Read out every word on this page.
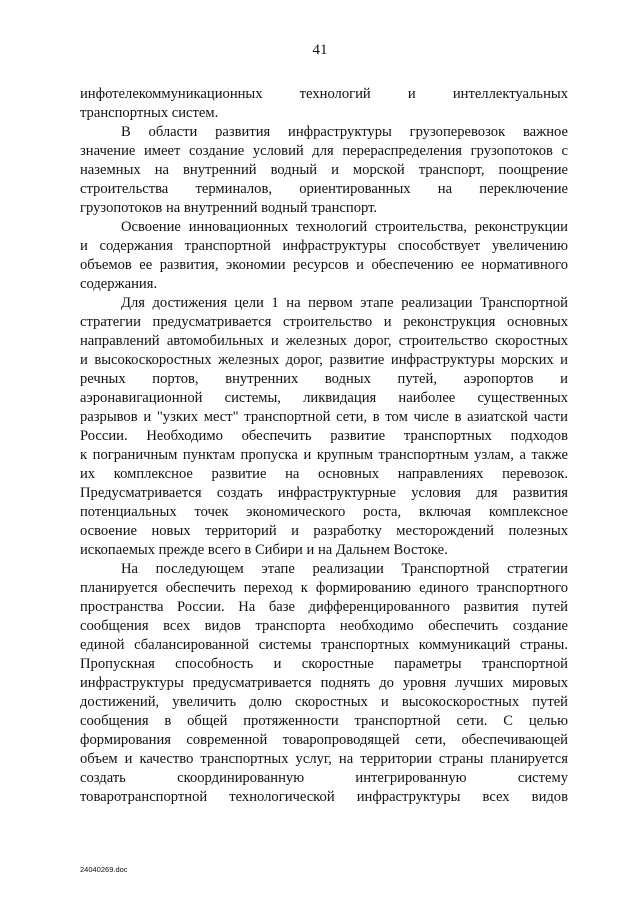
41
инфотелекоммуникационных технологий и интеллектуальных
транспортных систем.
В области развития инфраструктуры грузоперевозок важное
значение имеет создание условий для перераспределения грузопотоков с
наземных на внутренний водный и морской транспорт, поощрение
строительства терминалов, ориентированных на переключение
грузопотоков на внутренний водный транспорт.
Освоение инновационных технологий строительства, реконструкции
и содержания транспортной инфраструктуры способствует увеличению
объемов ее развития, экономии ресурсов и обеспечению ее нормативного
содержания.
Для достижения цели 1 на первом этапе реализации Транспортной
стратегии предусматривается строительство и реконструкция основных
направлений автомобильных и железных дорог, строительство скоростных
и высокоскоростных железных дорог, развитие инфраструктуры морских и
речных портов, внутренних водных путей, аэропортов и
аэронавигационной системы, ликвидация наиболее существенных
разрывов и "узких мест" транспортной сети, в том числе в азиатской части
России. Необходимо обеспечить развитие транспортных подходов
к пограничным пунктам пропуска и крупным транспортным узлам, а также
их комплексное развитие на основных направлениях перевозок.
Предусматривается создать инфраструктурные условия для развития
потенциальных точек экономического роста, включая комплексное
освоение новых территорий и разработку месторождений полезных
ископаемых прежде всего в Сибири и на Дальнем Востоке.
На последующем этапе реализации Транспортной стратегии
планируется обеспечить переход к формированию единого транспортного
пространства России. На базе дифференцированного развития путей
сообщения всех видов транспорта необходимо обеспечить создание
единой сбалансированной системы транспортных коммуникаций страны.
Пропускная способность и скоростные параметры транспортной
инфраструктуры предусматривается поднять до уровня лучших мировых
достижений, увеличить долю скоростных и высокоскоростных путей
сообщения в общей протяженности транспортной сети. С целью
формирования современной товаропроводящей сети, обеспечивающей
объем и качество транспортных услуг, на территории страны планируется
создать скоординированную интегрированную систему
товаротранспортной технологической инфраструктуры всех видов
24040269.doc
